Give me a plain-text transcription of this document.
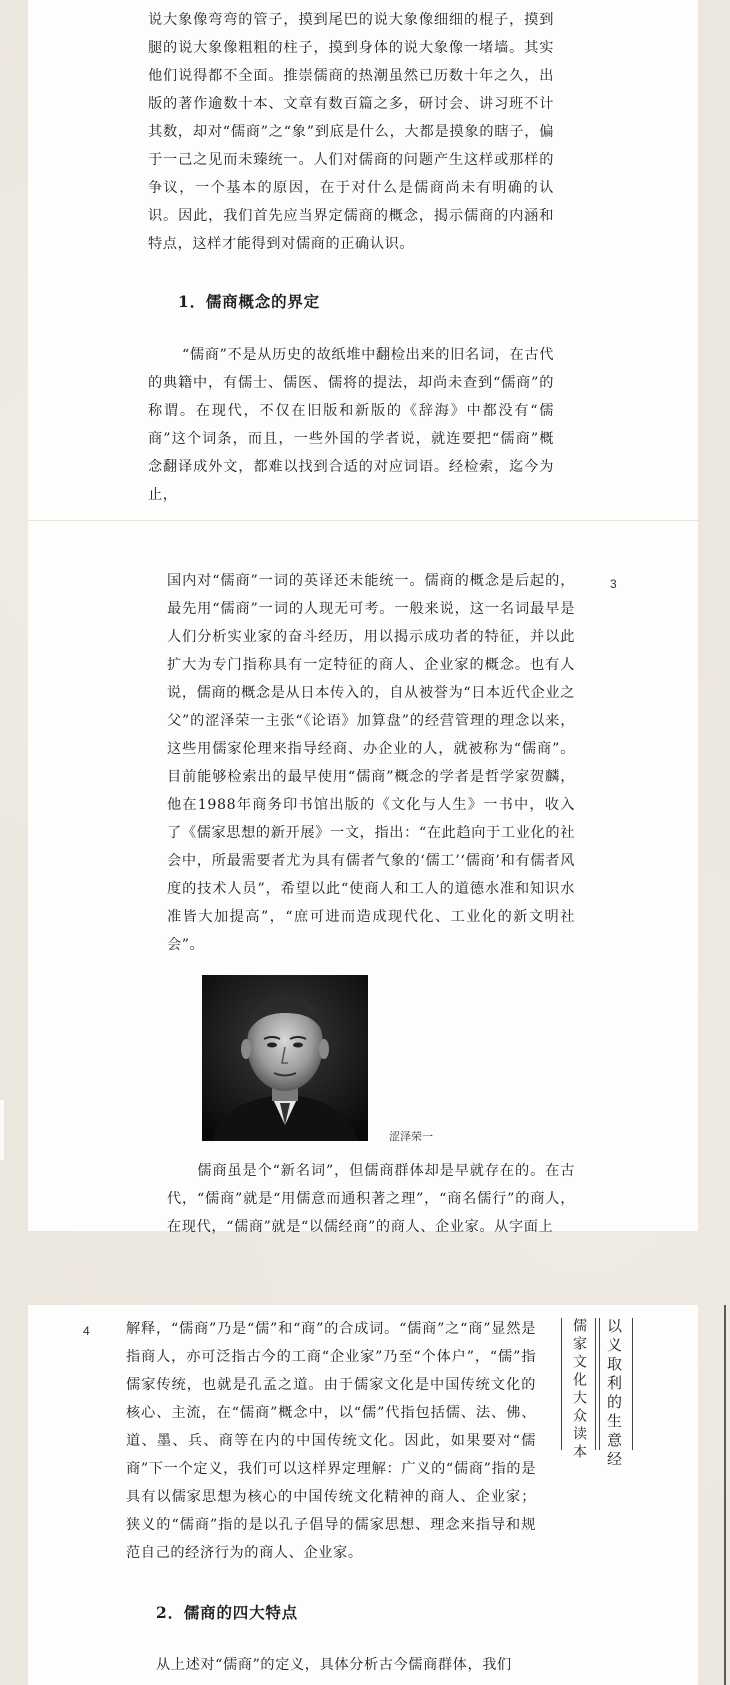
说大象像弯弯的管子，摸到尾巴的说大象像细细的棍子，摸到腿的说大象像粗粗的柱子，摸到身体的说大象像一堵墙。其实他们说得都不全面。推崇儒商的热潮虽然已历数十年之久，出版的著作逾数十本、文章有数百篇之多，研讨会、讲习班不计其数，却对“儒商”之“象”到底是什么，大都是摸象的瞎子，偏于一己之见而未臻统一。人们对儒商的问题产生这样或那样的争议，一个基本的原因，在于对什么是儒商尚未有明确的认识。因此，我们首先应当界定儒商的概念，揭示儒商的内涵和特点，这样才能得到对儒商的正确认识。

1．儒商概念的界定

“儒商”不是从历史的故纸堆中翻检出来的旧名词，在古代的典籍中，有儒士、儒医、儒将的提法，却尚未查到“儒商”的称谓。在现代，不仅在旧版和新版的《辞海》中都没有“儒商”这个词条，而且，一些外国的学者说，就连要把“儒商”概念翻译成外文，都难以找到合适的对应词语。经检索，迄今为止，

3

国内对“儒商”一词的英译还未能统一。儒商的概念是后起的，最先用“儒商”一词的人现无可考。一般来说，这一名词最早是人们分析实业家的奋斗经历，用以揭示成功者的特征，并以此扩大为专门指称具有一定特征的商人、企业家的概念。也有人说，儒商的概念是从日本传入的，自从被誉为“日本近代企业之父”的涩泽荣一主张“《论语》加算盘”的经营管理的理念以来，这些用儒家伦理来指导经商、办企业的人，就被称为“儒商”。目前能够检索出的最早使用“儒商”概念的学者是哲学家贺麟，他在1988年商务印书馆出版的《文化与人生》一书中，收入了《儒家思想的新开展》一文，指出：“在此趋向于工业化的社会中，所最需要者尤为具有儒者气象的‘儒工’‘儒商’和有儒者风度的技术人员”，希望以此“使商人和工人的道德水准和知识水准皆大加提高”，“庶可进而造成现代化、工业化的新文明社会”。

涩泽荣一

儒商虽是个“新名词”，但儒商群体却是早就存在的。在古代，“儒商”就是“用儒意而通积著之理”，“商名儒行”的商人，在现代，“儒商”就是“以儒经商”的商人、企业家。从字面上

4	解释，“儒商”乃是“儒”和“商”的合成词。“儒商”之“商”显然是指商人，亦可泛指古今的工商“企业家”乃至“个体户”，“儒”指儒家传统，也就是孔孟之道。由于儒家文化是中国传统文化的核心、主流，在“儒商”概念中，以“儒”代指包括儒、法、佛、道、墨、兵、商等在内的中国传统文化。因此，如果要对“儒商”下一个定义，我们可以这样界定理解：广义的“儒商”指的是具有以儒家思想为核心的中国传统文化精神的商人、企业家；狭义的“儒商”指的是以孔子倡导的儒家思想、理念来指导和规范自己的经济行为的商人、企业家。

2．儒商的四大特点

从上述对“儒商”的定义，具体分析古今儒商群体，我们

儒家文化大众读本 以义取利的生意经
